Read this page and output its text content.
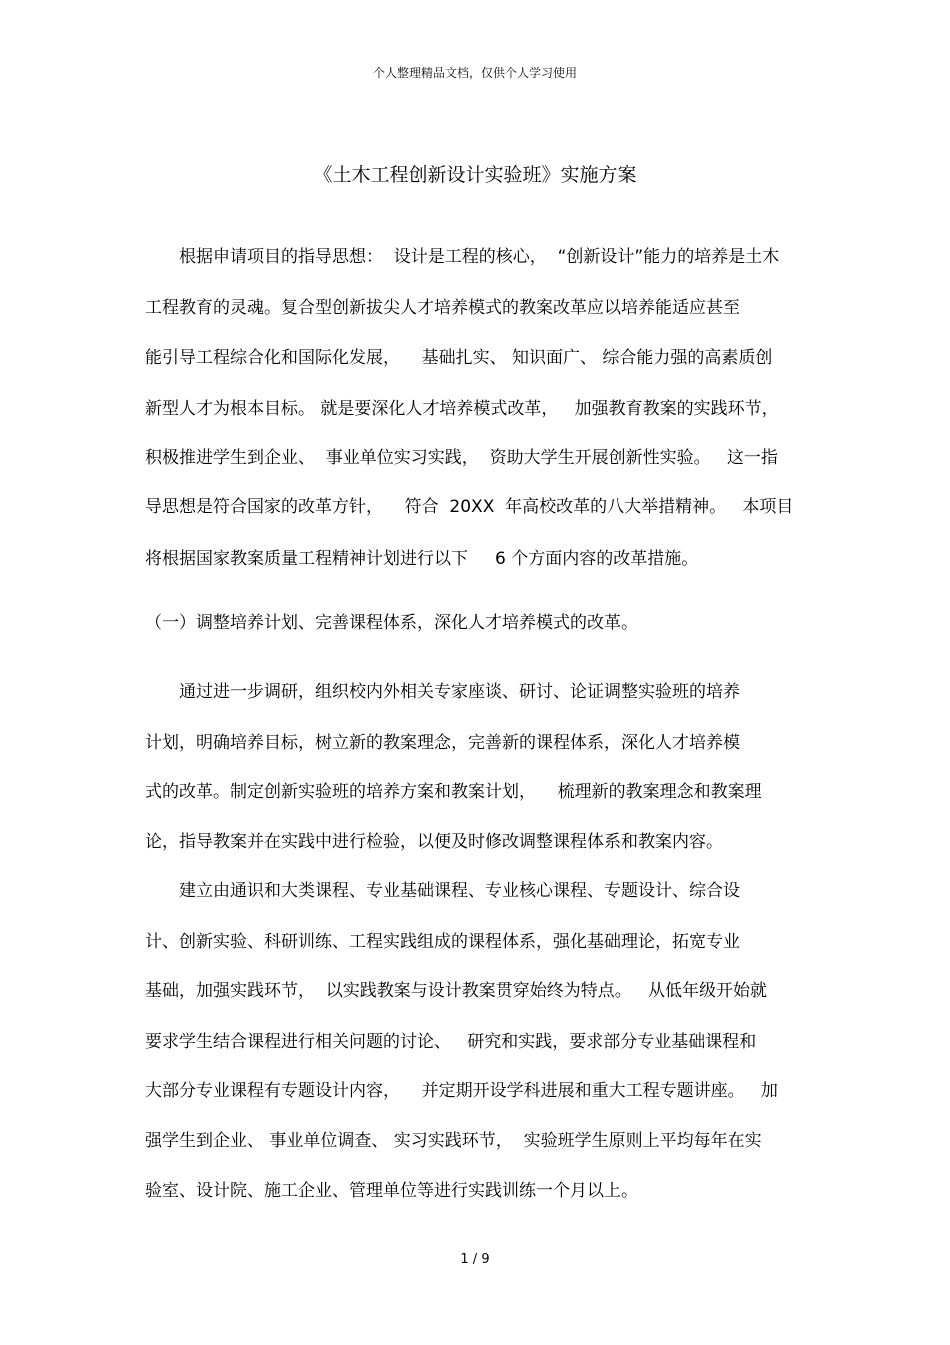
个人整理精品文档，仅供个人学习使用
《土木工程创新设计实验班》实施方案
根据申请项目的指导思想：  设计是工程的核心，  “创新设计”能力的培养是土木
工程教育的灵魂。复合型创新拔尖人才培养模式的教案改革应以培养能适应甚至
能引导工程综合化和国际化发展，    基础扎实、 知识面广、 综合能力强的高素质创
新型人才为根本目标。 就是要深化人才培养模式改革，   加强教育教案的实践环节，
积极推进学生到企业、  事业单位实习实践，  资助大学生开展创新性实验。   这一指
导思想是符合国家的改革方针，    符合  20XX  年高校改革的八大举措精神。   本项目
将根据国家教案质量工程精神计划进行以下     6 个方面内容的改革措施。
（一）调整培养计划、完善课程体系，深化人才培养模式的改革。
通过进一步调研，组织校内外相关专家座谈、研讨、论证调整实验班的培养
计划，明确培养目标，树立新的教案理念，完善新的课程体系，深化人才培养模
式的改革。制定创新实验班的培养方案和教案计划，    梳理新的教案理念和教案理
论，指导教案并在实践中进行检验，以便及时修改调整课程体系和教案内容。
建立由通识和大类课程、专业基础课程、专业核心课程、专题设计、综合设
计、创新实验、科研训练、工程实践组成的课程体系，强化基础理论，拓宽专业
基础，加强实践环节，  以实践教案与设计教案贯穿始终为特点。   从低年级开始就
要求学生结合课程进行相关问题的讨论、   研究和实践，要求部分专业基础课程和
大部分专业课程有专题设计内容，    并定期开设学科进展和重大工程专题讲座。   加
强学生到企业、 事业单位调查、 实习实践环节，  实验班学生原则上平均每年在实
验室、设计院、施工企业、管理单位等进行实践训练一个月以上。
1 / 9
